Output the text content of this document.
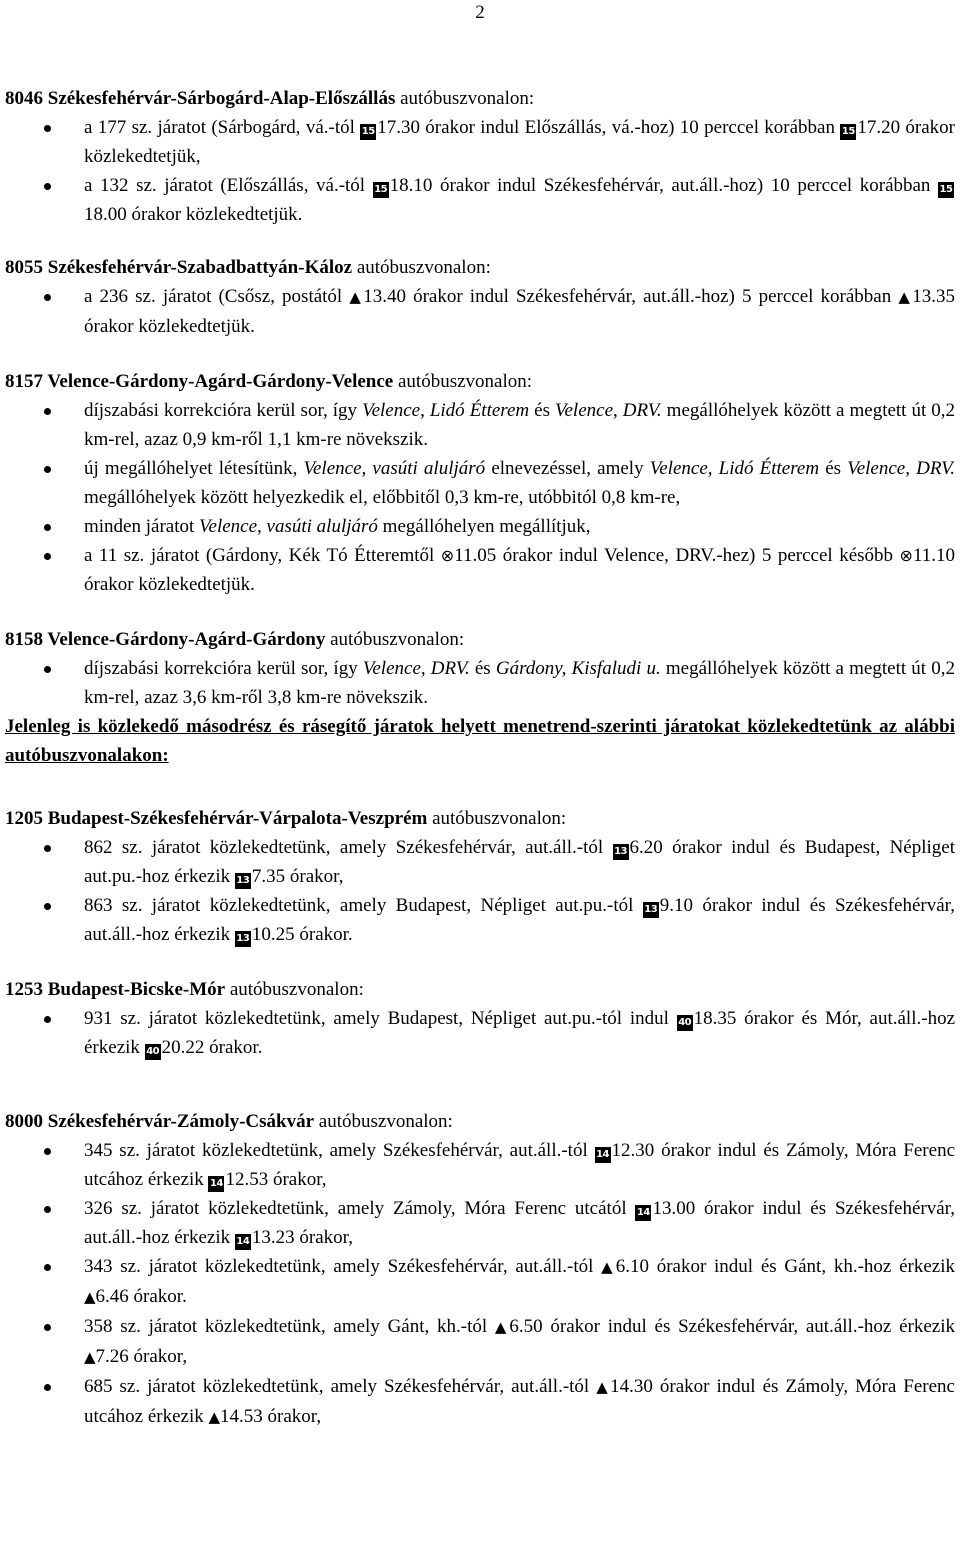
2

8046 Székesfehérvár-Sárbogárd-Alap-Előszállás autóbuszvonalon:

a 177 sz. járatot (Sárbogárd, vá.-tól 15 17.30 órakor indul Előszállás, vá.-hoz) 10 perccel korábban 15 17.20 órakor közlekedtetjük,
a 132 sz. járatot (Előszállás, vá.-tól 15 18.10 órakor indul Székesfehérvár, aut.áll.-hoz) 10 perccel korábban 1518.00 órakor közlekedtetjük.

8055 Székesfehérvár-Szabadbattyán-Káloz autóbuszvonalon:

a 236 sz. járatot (Csősz, postától ▲13.40 órakor indul Székesfehérvár, aut.áll.-hoz) 5 perccel korábban ▲13.35 órakor közlekedtetjük.

8157 Velence-Gárdony-Agárd-Gárdony-Velence autóbuszvonalon:

díjszabási korrekcióra kerül sor, így Velence, Lidó Étterem és Velence, DRV. megállóhelyek között a megtett út 0,2 km-rel, azaz 0,9 km-ről 1,1 km-re növekszik.
új megállóhelyet létesítünk, Velence, vasúti aluljáró elnevezéssel, amely Velence, Lidó Étterem és Velence, DRV. megállóhelyek között helyezkedik el, előbbitől 0,3 km-re, utóbbitól 0,8 km-re,
minden járatot Velence, vasúti aluljáró megállóhelyen megállítjuk,
a 11 sz. járatot (Gárdony, Kék Tó Étteremtől ⊗11.05 órakor indul Velence, DRV.-hez) 5 perccel később ⊗11.10 órakor közlekedtetjük.

8158 Velence-Gárdony-Agárd-Gárdony autóbuszvonalon:

díjszabási korrekcióra kerül sor, így Velence, DRV. és Gárdony, Kisfaludi u. megállóhelyek között a megtett út 0,2 km-rel, azaz 3,6 km-ről 3,8 km-re növekszik.

Jelenleg is közlekedő másodrész és rásegítő járatok helyett menetrend-szerinti járatokat közlekedtetünk az alábbi autóbuszvonalakon:

1205 Budapest-Székesfehérvár-Várpalota-Veszprém autóbuszvonalon:

862 sz. járatot közlekedtetünk, amely Székesfehérvár, aut.áll.-tól 13 6.20 órakor indul és Budapest, Népliget aut.pu.-hoz érkezik 13 7.35 órakor,
863 sz. járatot közlekedtetünk, amely Budapest, Népliget aut.pu.-tól 13 9.10 órakor indul és Székesfehérvár, aut.áll.-hoz érkezik 13 10.25 órakor.

1253 Budapest-Bicske-Mór autóbuszvonalon:

931 sz. járatot közlekedtetünk, amely Budapest, Népliget aut.pu.-tól indul 40 18.35 órakor és Mór, aut.áll.-hoz érkezik 40 20.22 órakor.

8000 Székesfehérvár-Zámoly-Csákvár autóbuszvonalon:

345 sz. járatot közlekedtetünk, amely Székesfehérvár, aut.áll.-tól 14 12.30 órakor indul és Zámoly, Móra Ferenc utcához érkezik 14 12.53 órakor,
326 sz. járatot közlekedtetünk, amely Zámoly, Móra Ferenc utcától 14 13.00 órakor indul és Székesfehérvár, aut.áll.-hoz érkezik 14 13.23 órakor,
343 sz. járatot közlekedtetünk, amely Székesfehérvár, aut.áll.-tól ▲6.10 órakor indul és Gánt, kh.-hoz érkezik ▲6.46 órakor.
358 sz. járatot közlekedtetünk, amely Gánt, kh.-tól ▲6.50 órakor indul és Székesfehérvár, aut.áll.-hoz érkezik ▲7.26 órakor,
685 sz. járatot közlekedtetünk, amely Székesfehérvár, aut.áll.-tól ▲14.30 órakor indul és Zámoly, Móra Ferenc utcához érkezik ▲14.53 órakor,
